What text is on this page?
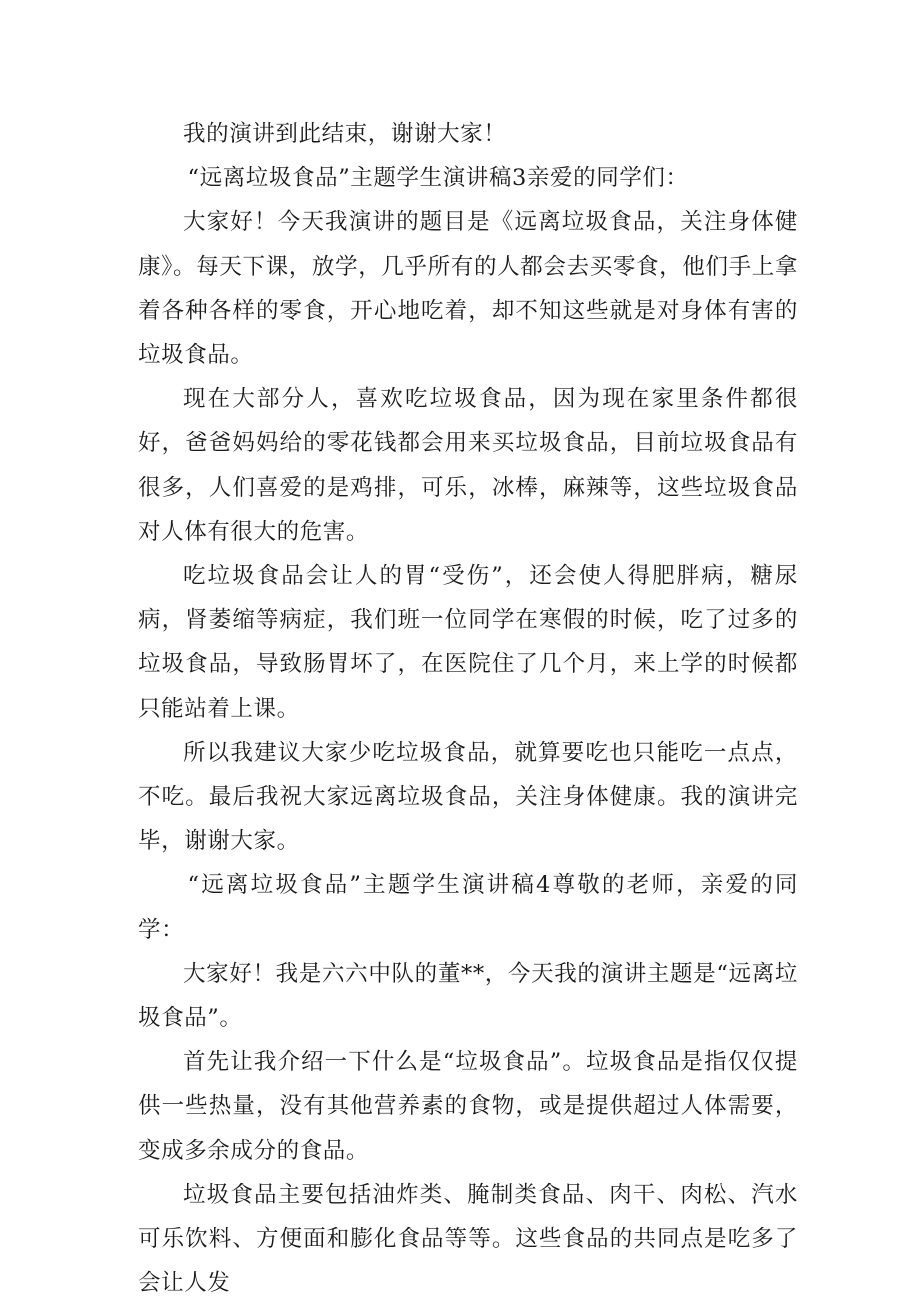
我的演讲到此结束，谢谢大家！

“远离垃圾食品”主题学生演讲稿3亲爱的同学们：

大家好！今天我演讲的题目是《远离垃圾食品，关注身体健康》。每天下课，放学，几乎所有的人都会去买零食，他们手上拿着各种各样的零食，开心地吃着，却不知这些就是对身体有害的垃圾食品。

现在大部分人，喜欢吃垃圾食品，因为现在家里条件都很好，爸爸妈妈给的零花钱都会用来买垃圾食品，目前垃圾食品有很多，人们喜爱的是鸡排，可乐，冰棒，麻辣等，这些垃圾食品对人体有很大的危害。

吃垃圾食品会让人的胃“受伤”，还会使人得肥胖病，糖尿病，肾萎缩等病症，我们班一位同学在寒假的时候，吃了过多的垃圾食品，导致肠胃坏了，在医院住了几个月，来上学的时候都只能站着上课。

所以我建议大家少吃垃圾食品，就算要吃也只能吃一点点，不吃。最后我祝大家远离垃圾食品，关注身体健康。我的演讲完毕，谢谢大家。

“远离垃圾食品”主题学生演讲稿4尊敬的老师，亲爱的同学：

大家好！我是六六中队的董**，今天我的演讲主题是“远离垃圾食品”。

首先让我介绍一下什么是“垃圾食品”。垃圾食品是指仅仅提供一些热量，没有其他营养素的食物，或是提供超过人体需要，变成多余成分的食品。

垃圾食品主要包括油炸类、腌制类食品、肉干、肉松、汽水可乐饮料、方便面和膨化食品等等。这些食品的共同点是吃多了会让人发
